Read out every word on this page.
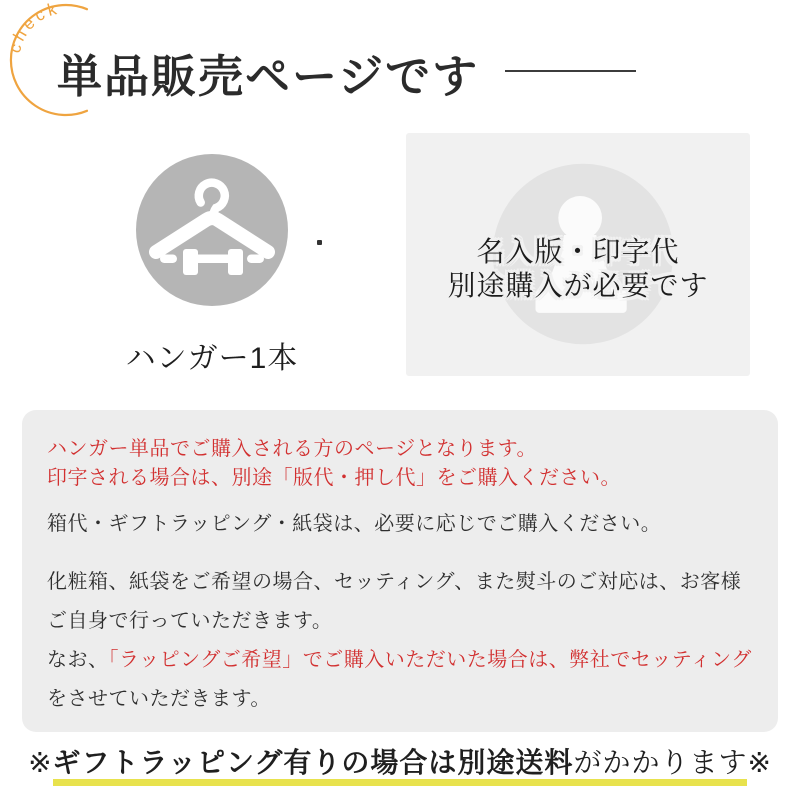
check
単品販売ページです
ハンガー1本
名入版・印字代
別途購入が必要です

ハンガー単品でご購入される方のページとなります。
印字される場合は、別途「版代・押し代」をご購入ください。

箱代・ギフトラッピング・紙袋は、必要に応じでご購入ください。

化粧箱、紙袋をご希望の場合、セッティング、また熨斗のご対応は、お客様
ご自身で行っていただきます。
なお、「ラッピングご希望」でご購入いただいた場合は、弊社でセッティング
をさせていただきます。

※ギフトラッピング有りの場合は別途送料がかかります※
